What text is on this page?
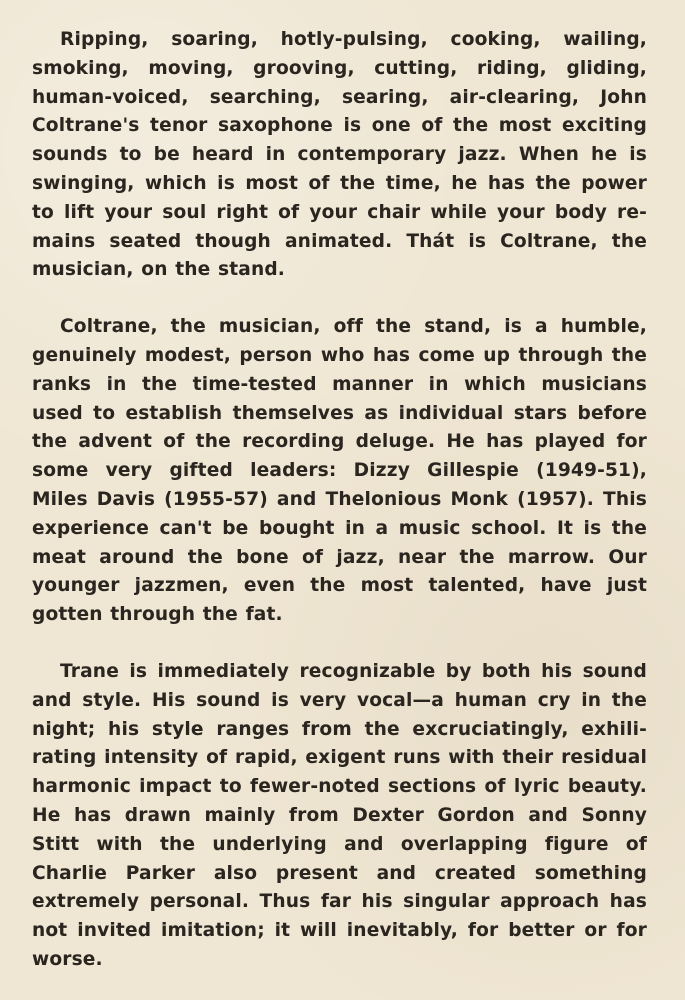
Ripping, soaring, hotly-pulsing, cooking, wailing, smoking, moving, grooving, cutting, riding, gliding, human-voiced, searching, searing, air-clearing, John Coltrane's tenor saxophone is one of the most exciting sounds to be heard in contemporary jazz. When he is swinging, which is most of the time, he has the power to lift your soul right of your chair while your body re-mains seated though animated. Thát is Coltrane, the musician, on the stand.

Coltrane, the musician, off the stand, is a humble, genuinely modest, person who has come up through the ranks in the time-tested manner in which musicians used to establish themselves as individual stars before the advent of the recording deluge. He has played for some very gifted leaders: Dizzy Gillespie (1949-51), Miles Davis (1955-57) and Thelonious Monk (1957). This experience can't be bought in a music school. It is the meat around the bone of jazz, near the marrow. Our younger jazzmen, even the most talented, have just gotten through the fat.

Trane is immediately recognizable by both his sound and style. His sound is very vocal—a human cry in the night; his style ranges from the excruciatingly, exhili-rating intensity of rapid, exigent runs with their residual harmonic impact to fewer-noted sections of lyric beauty. He has drawn mainly from Dexter Gordon and Sonny Stitt with the underlying and overlapping figure of Charlie Parker also present and created something extremely personal. Thus far his singular approach has not invited imitation; it will inevitably, for better or for worse.
